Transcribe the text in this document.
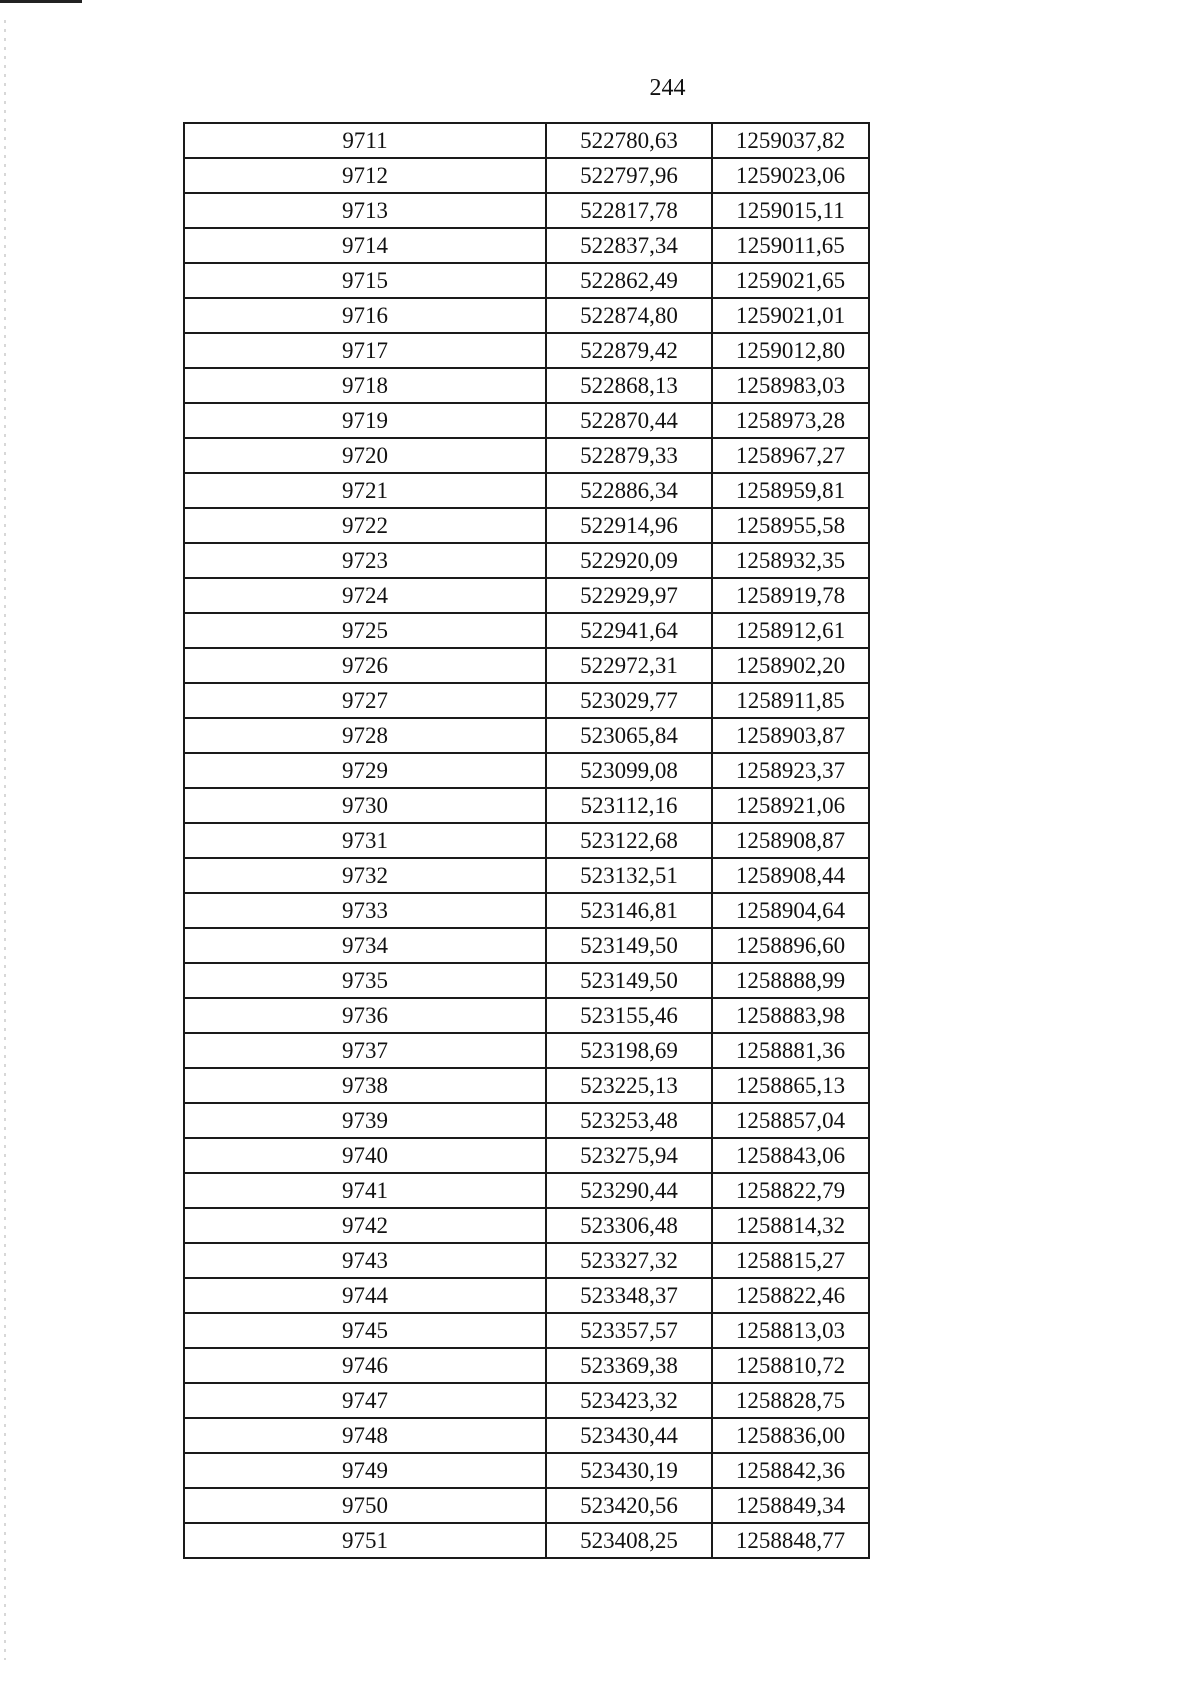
244
9711	522780,63	1259037,82
9712	522797,96	1259023,06
9713	522817,78	1259015,11
9714	522837,34	1259011,65
9715	522862,49	1259021,65
9716	522874,80	1259021,01
9717	522879,42	1259012,80
9718	522868,13	1258983,03
9719	522870,44	1258973,28
9720	522879,33	1258967,27
9721	522886,34	1258959,81
9722	522914,96	1258955,58
9723	522920,09	1258932,35
9724	522929,97	1258919,78
9725	522941,64	1258912,61
9726	522972,31	1258902,20
9727	523029,77	1258911,85
9728	523065,84	1258903,87
9729	523099,08	1258923,37
9730	523112,16	1258921,06
9731	523122,68	1258908,87
9732	523132,51	1258908,44
9733	523146,81	1258904,64
9734	523149,50	1258896,60
9735	523149,50	1258888,99
9736	523155,46	1258883,98
9737	523198,69	1258881,36
9738	523225,13	1258865,13
9739	523253,48	1258857,04
9740	523275,94	1258843,06
9741	523290,44	1258822,79
9742	523306,48	1258814,32
9743	523327,32	1258815,27
9744	523348,37	1258822,46
9745	523357,57	1258813,03
9746	523369,38	1258810,72
9747	523423,32	1258828,75
9748	523430,44	1258836,00
9749	523430,19	1258842,36
9750	523420,56	1258849,34
9751	523408,25	1258848,77
